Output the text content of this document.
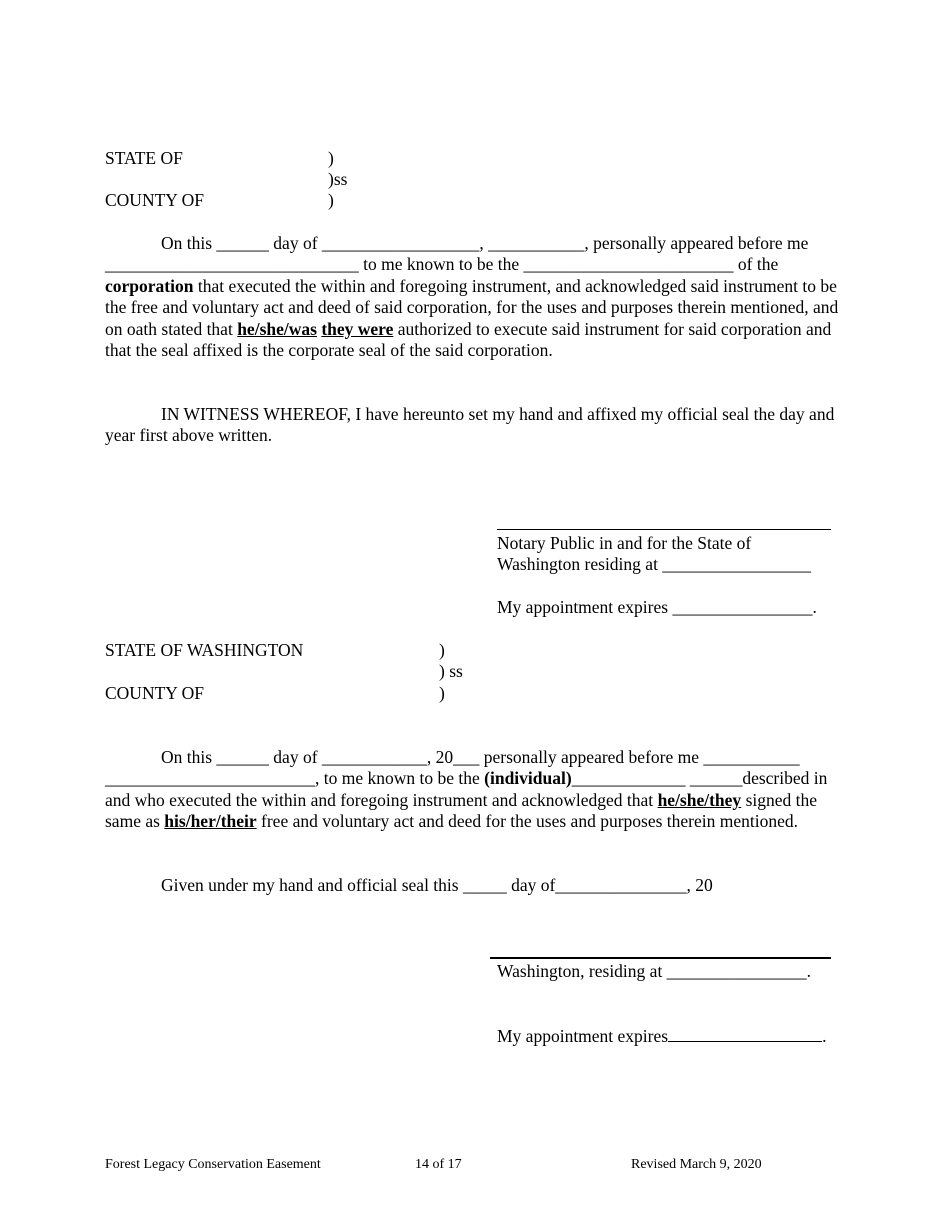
STATE OF	)
)ss
COUNTY OF	)
On this ______ day of __________________, ___________, personally appeared before me _____________________________ to me known to be the ________________________ of the corporation that executed the within and foregoing instrument, and acknowledged said instrument to be the free and voluntary act and deed of said corporation, for the uses and purposes therein mentioned, and on oath stated that he/she/was they were authorized to execute said instrument for said corporation and that the seal affixed is the corporate seal of the said corporation.
IN WITNESS WHEREOF, I have hereunto set my hand and affixed my official seal the day and year first above written.
Notary Public in and for the State of
Washington residing at _________________
My appointment expires ________________.
STATE OF WASHINGTON	)
) ss
COUNTY OF	)
On this ______ day of ____________, 20___ personally appeared before me ___________ ________________________, to me known to be the (individual)_____________ ______described in and who executed the within and foregoing instrument and acknowledged that he/she/they signed the same as his/her/their free and voluntary act and deed for the uses and purposes therein mentioned.
Given under my hand and official seal this _____ day of_______________, 20
Washington, residing at ________________.
My appointment expires	.
Forest Legacy Conservation Easement	14 of 17	Revised March 9, 2020
